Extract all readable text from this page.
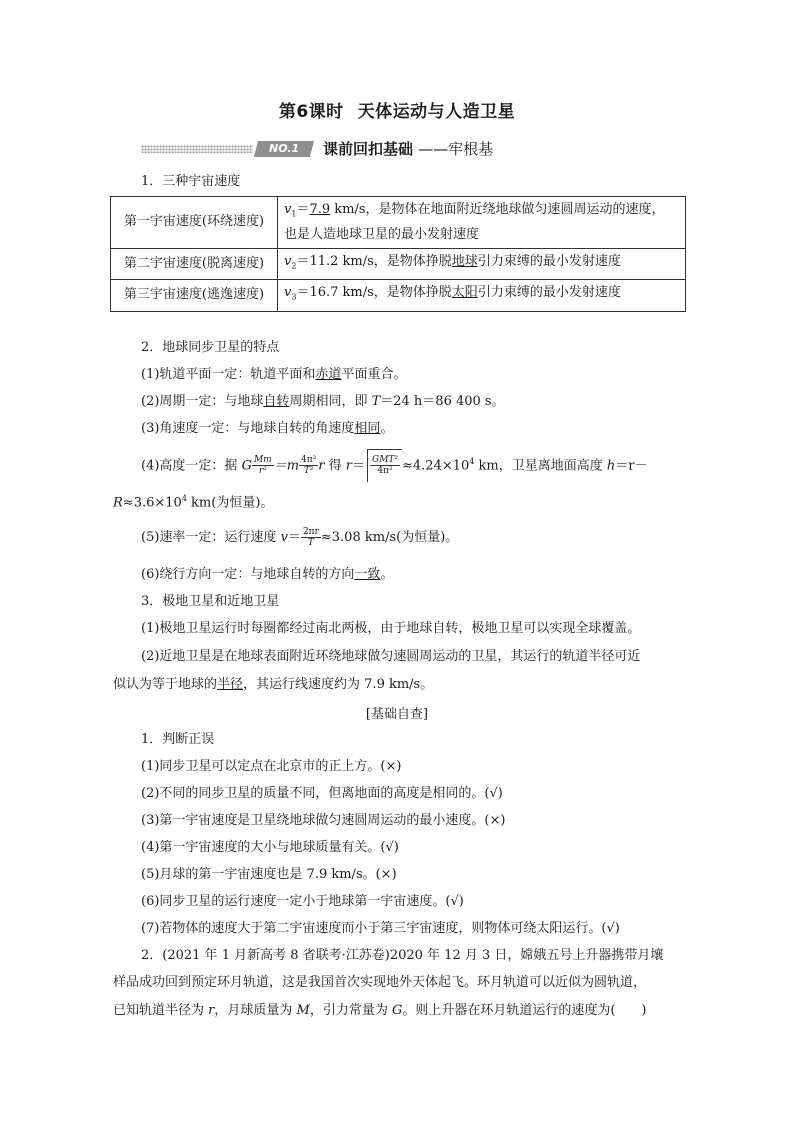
第6课时 天体运动与人造卫星
NO.1	课前回扣基础 ——牢根基
1．三种宇宙速度
第一宇宙速度(环绕速度)	$v_1=7.9$ km/s，是物体在地面附近绕地球做匀速圆周运动的速度，
也是人造地球卫星的最小发射速度
第二宇宙速度(脱离速度)	$v_2=11.2$ km/s，是物体挣脱地球引力束缚的最小发射速度
第三宇宙速度(逃逸速度)	$v_3=16.7$ km/s，是物体挣脱太阳引力束缚的最小发射速度
2．地球同步卫星的特点
(1)轨道平面一定：轨道平面和赤道平面重合。
(2)周期一定：与地球自转周期相同，即 T＝24 h＝86 400 s。
(3)角速度一定：与地球自转的角速度相同。
(4)高度一定：据 G $\frac{Mm}{\text{r²}} =m \frac{\text{4π²}}{\text{T²}}$ r 得 $r= \frac{\text{GMT²}}{\text{4π²}} \approx 4.24\times 10^4$ km，卫星离地面高度 h＝r－
$R\approx 3.6\times 10^4$ km(为恒量)。
(5)速率一定：运行速度 $v= \frac{2\pi r}{T} \approx 3.08$ km/s(为恒量)。
(6)绕行方向一定：与地球自转的方向一致。
3．极地卫星和近地卫星
(1)极地卫星运行时每圈都经过南北两极，由于地球自转，极地卫星可以实现全球覆盖。
(2)近地卫星是在地球表面附近环绕地球做匀速圆周运动的卫星，其运行的轨道半径可近
似认为等于地球的半径，其运行线速度约为 7.9 km/s。
[基础自查]
1．判断正误
(1)同步卫星可以定点在北京市的正上方。(×)
(2)不同的同步卫星的质量不同，但离地面的高度是相同的。(√)
(3)第一宇宙速度是卫星绕地球做匀速圆周运动的最小速度。(×)
(4)第一宇宙速度的大小与地球质量有关。(√)
(5)月球的第一宇宙速度也是 7.9 km/s。(×)
(6)同步卫星的运行速度一定小于地球第一宇宙速度。(√)
(7)若物体的速度大于第二宇宙速度而小于第三宇宙速度，则物体可绕太阳运行。(√)
2．(2021 年 1 月新高考 8 省联考·江苏卷)2020 年 12 月 3 日，嫦娥五号上升器携带月壤
样品成功回到预定环月轨道，这是我国首次实现地外天体起飞。环月轨道可以近似为圆轨道，
已知轨道半径为 r，月球质量为 M，引力常量为 G。则上升器在环月轨道运行的速度为(　　)
